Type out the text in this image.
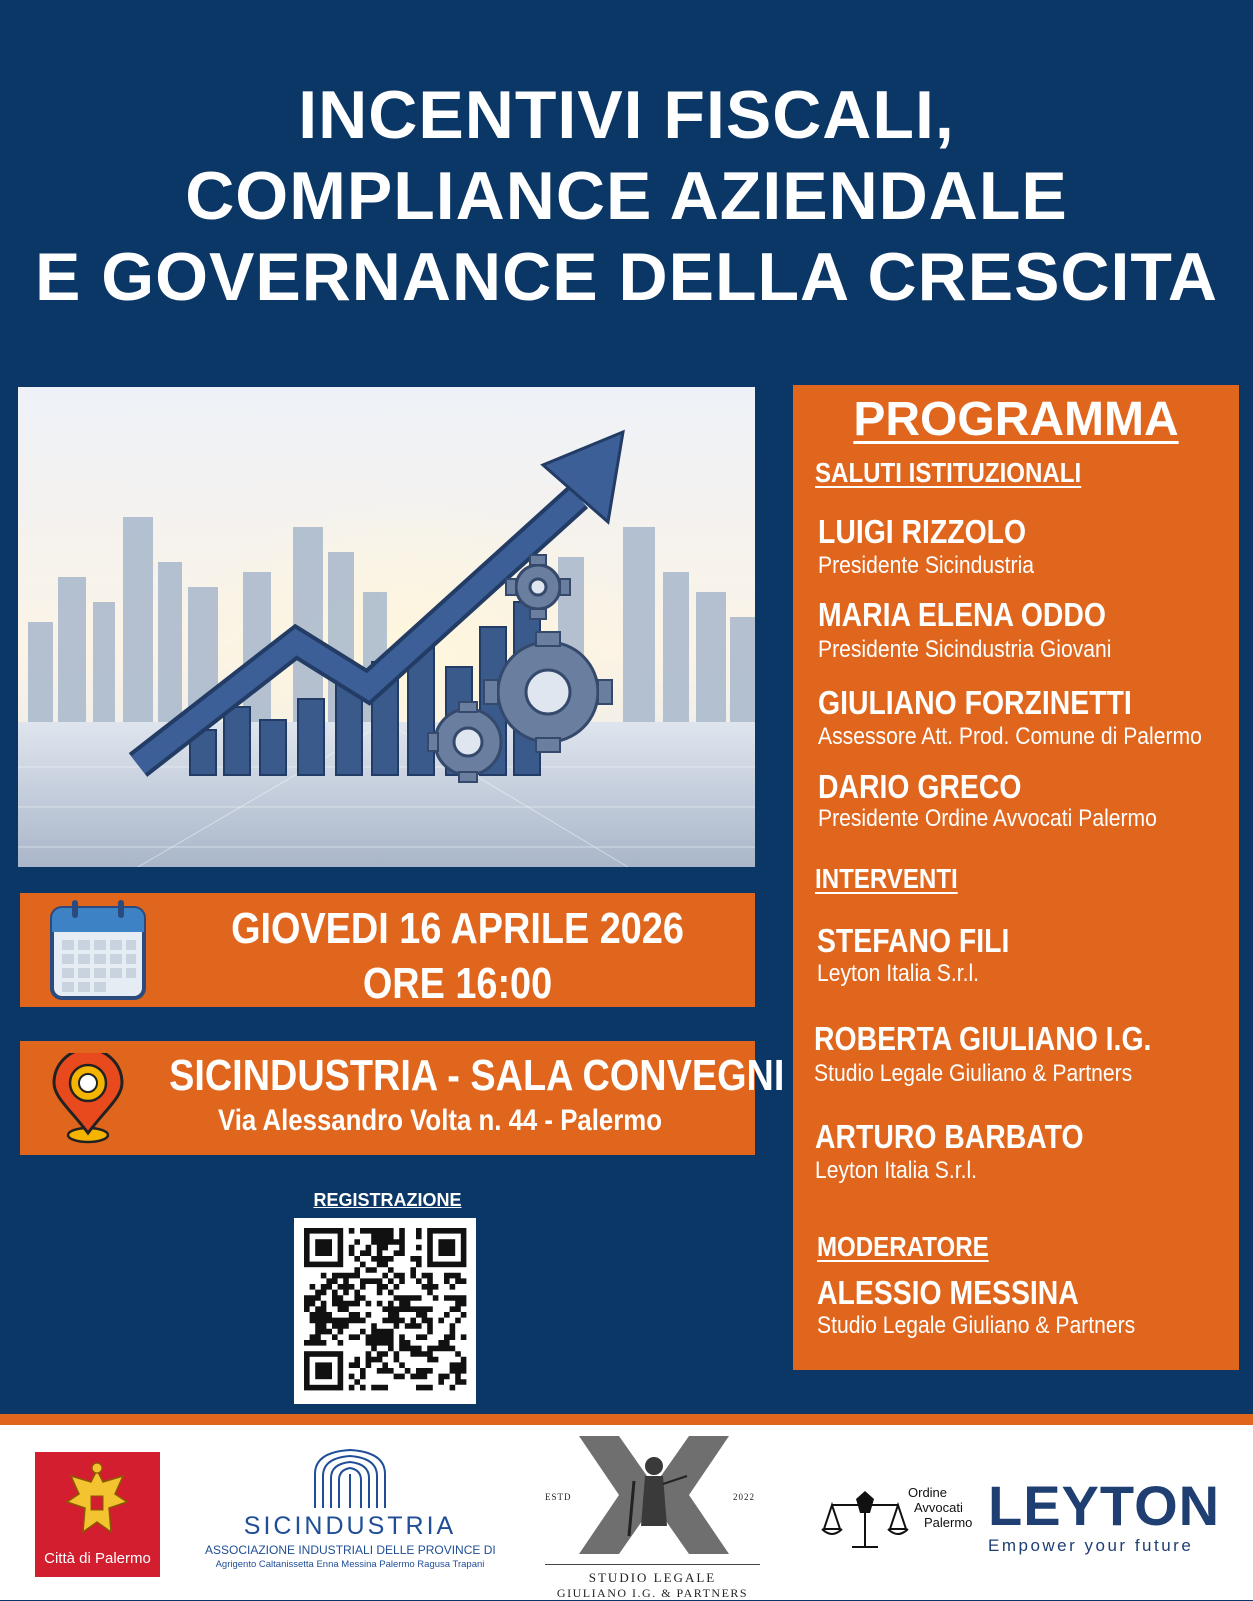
INCENTIVI FISCALI,
COMPLIANCE AZIENDALE
E GOVERNANCE DELLA CRESCITA
GIOVEDI 16 APRILE 2026
ORE 16:00
SICINDUSTRIA - SALA CONVEGNI
Via Alessandro Volta n. 44 - Palermo
REGISTRAZIONE
PROGRAMMA
SALUTI ISTITUZIONALI
LUIGI RIZZOLO
Presidente Sicindustria
MARIA ELENA ODDO
Presidente Sicindustria Giovani
GIULIANO FORZINETTI
Assessore Att. Prod. Comune di Palermo
DARIO GRECO
Presidente Ordine Avvocati Palermo
INTERVENTI
STEFANO FILI
Leyton Italia S.r.l.
ROBERTA GIULIANO I.G.
Studio Legale Giuliano & Partners
ARTURO BARBATO
Leyton Italia S.r.l.
MODERATORE
ALESSIO MESSINA
Studio Legale Giuliano & Partners
Città di Palermo
SICINDUSTRIA
ASSOCIAZIONE INDUSTRIALI DELLE PROVINCE DI
Agrigento Caltanissetta Enna Messina Palermo Ragusa Trapani
ESTD	2022
STUDIO LEGALE
GIULIANO I.G. & PARTNERS
Ordine
Avvocati
Palermo LEYTON
Empower your future
